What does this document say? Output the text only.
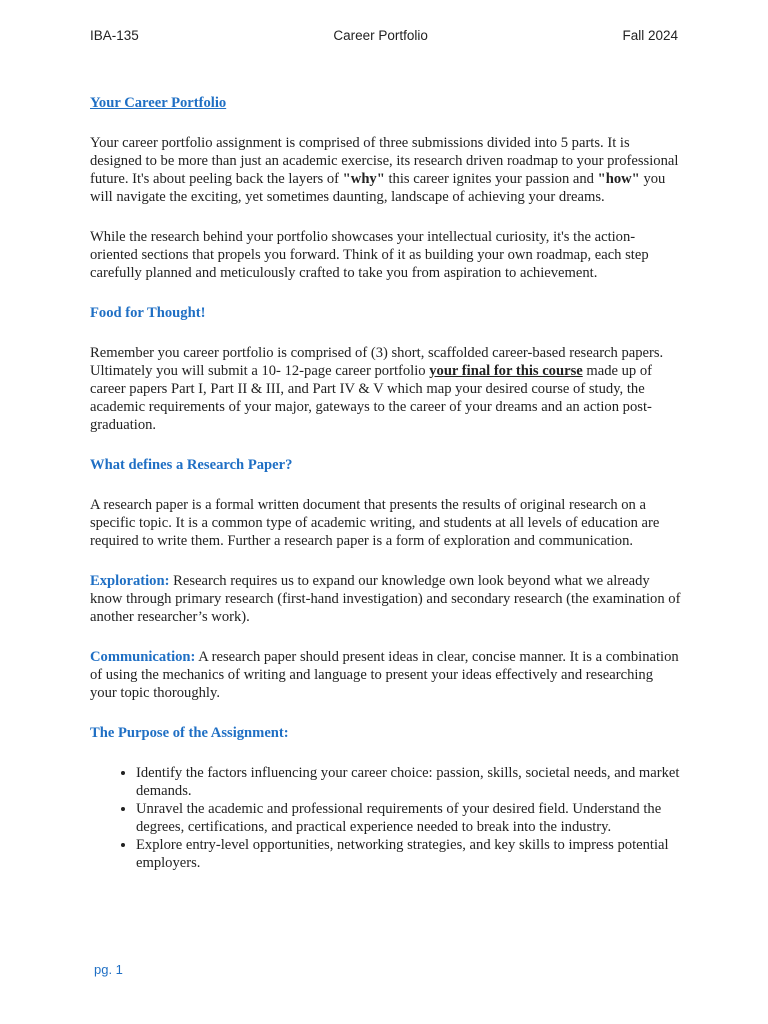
IBA-135	Career Portfolio	Fall 2024

Your Career Portfolio

Your career portfolio assignment is comprised of three submissions divided into 5 parts. It is designed to be more than just an academic exercise, its research driven roadmap to your professional future. It's about peeling back the layers of "why" this career ignites your passion and "how" you will navigate the exciting, yet sometimes daunting, landscape of achieving your dreams.

While the research behind your portfolio showcases your intellectual curiosity, it's the action-oriented sections that propels you forward. Think of it as building your own roadmap, each step carefully planned and meticulously crafted to take you from aspiration to achievement.

Food for Thought!

Remember you career portfolio is comprised of (3) short, scaffolded career-based research papers. Ultimately you will submit a 10- 12-page career portfolio your final for this course made up of career papers Part I, Part II & III, and Part IV & V which map your desired course of study, the academic requirements of your major, gateways to the career of your dreams and an action post-graduation.

What defines a Research Paper?

A research paper is a formal written document that presents the results of original research on a specific topic. It is a common type of academic writing, and students at all levels of education are required to write them. Further a research paper is a form of exploration and communication.

Exploration: Research requires us to expand our knowledge own look beyond what we already know through primary research (first-hand investigation) and secondary research (the examination of another researcher’s work).

Communication: A research paper should present ideas in clear, concise manner. It is a combination of using the mechanics of writing and language to present your ideas effectively and researching your topic thoroughly.

The Purpose of the Assignment:

• Identify the factors influencing your career choice: passion, skills, societal needs, and market demands.
• Unravel the academic and professional requirements of your desired field. Understand the degrees, certifications, and practical experience needed to break into the industry.
• Explore entry-level opportunities, networking strategies, and key skills to impress potential employers.
pg. 1
